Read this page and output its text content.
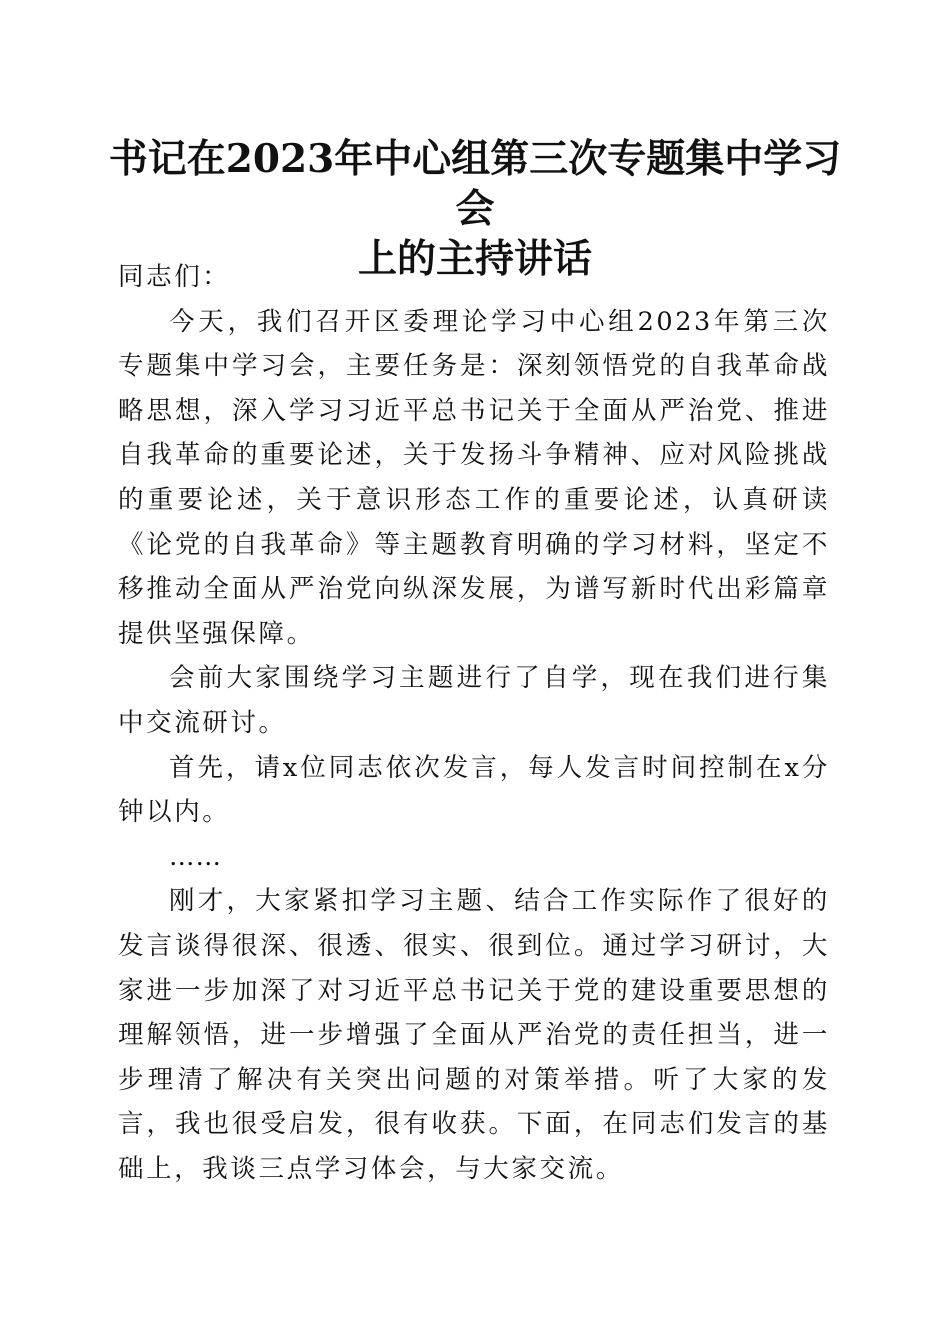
书记在2023年中心组第三次专题集中学习会
上的主持讲话

同志们：

今天，我们召开区委理论学习中心组2023年第三次专题集中学习会，主要任务是：深刻领悟党的自我革命战略思想，深入学习习近平总书记关于全面从严治党、推进自我革命的重要论述，关于发扬斗争精神、应对风险挑战的重要论述，关于意识形态工作的重要论述，认真研读《论党的自我革命》等主题教育明确的学习材料，坚定不移推动全面从严治党向纵深发展，为谱写新时代出彩篇章提供坚强保障。

会前大家围绕学习主题进行了自学，现在我们进行集中交流研讨。

首先，请x位同志依次发言，每人发言时间控制在x分钟以内。

……

刚才，大家紧扣学习主题、结合工作实际作了很好的发言谈得很深、很透、很实、很到位。通过学习研讨，大家进一步加深了对习近平总书记关于党的建设重要思想的理解领悟，进一步增强了全面从严治党的责任担当，进一步理清了解决有关突出问题的对策举措。听了大家的发言，我也很受启发，很有收获。下面，在同志们发言的基础上，我谈三点学习体会，与大家交流。
